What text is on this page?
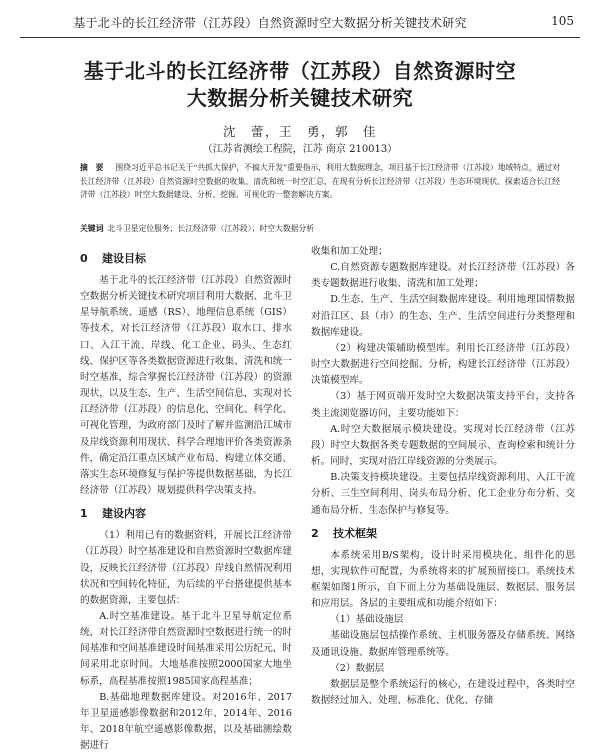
基于北斗的长江经济带（江苏段）自然资源时空大数据分析关键技术研究	105
基于北斗的长江经济带（江苏段）自然资源时空
大数据分析关键技术研究
沈　蕾，王　勇，郭　佳
（江苏省测绘工程院，江苏 南京 210013）
摘　要 围绕习近平总书记关于“共抓大保护，不搞大开发”重要指示，利用大数据理念，项目基于长江经济带（江苏段）地域特点，通过对长江经济带（江苏段）自然资源时空数据的收集、清洗和统一时空汇总，在现有分析长江经济带（江苏段）生态环境现状、探索适合长江经济带（江苏段）时空大数据建设、分析、挖掘、可视化的一整套解决方案。
关键词 北斗卫星定位服务；长江经济带（江苏段）；时空大数据分析
0 建设目标

基于北斗的长江经济带（江苏段）自然资源时空数据分析关键技术研究项目利用大数据、北斗卫星导航系统、遥感（RS）、地理信息系统（GIS）等技术，对长江经济带（江苏段）取水口、排水口、入江干流、岸线、化工企业、码头、生态红线、保护区等各类数据资源进行收集、清洗和统一时空基准，综合掌握长江经济带（江苏段）的资源现状，以及生态、生产、生活空间信息，实现对长江经济带（江苏段）的信息化、空间化、科学化、可视化管理，为政府部门及时了解并监测沿江城市及岸线资源利用现状、科学合理地评价各类资源条件，确定沿江重点区域产业布局、构建立体交通、落实生态环境修复与保护等提供数据基础，为长江经济带（江苏段）规划提供科学决策支持。

1 建设内容

（1）利用已有的数据资料，开展长江经济带（江苏段）时空基准建设和自然资源时空数据库建设，反映长江经济带（江苏段）岸线自然情况利用状况和空间转化特征，为后续的平台搭建提供基本的数据资源，主要包括：

A.时空基准建设。基于北斗卫星导航定位系统，对长江经济带自然资源时空数据进行统一的时间基准和空间基准建设时间基准采用公历纪元，时间采用北京时间。大地基准按照2000国家大地坐标系，高程基准按照1985国家高程基准；

B.基础地理数据库建设。对2016年、2017年卫星遥感影像数据和2012年、2014年、2016年、2018年航空遥感影像数据，以及基础测绘数据进行

收集和加工处理；

C.自然资源专题数据库建设。对长江经济带（江苏段）各类专题数据进行收集、清洗和加工处理；

D.生态、生产、生活空间数据库建设。利用地理国情数据对沿江区、县（市）的生态、生产、生活空间进行分类整理和数据库建设。

（2）构建决策辅助模型库。利用长江经济带（江苏段）时空大数据进行空间挖掘、分析，构建长江经济带（江苏段）决策模型库。

（3）基于网页端开发时空大数据决策支持平台，支持各类主流浏览器访问，主要功能如下：

A.时空大数据展示模块建设。实现对长江经济带（江苏段）时空大数据各类专题数据的空间展示、查询检索和统计分析。同时，实现对沿江岸线资源的分类展示。

B.决策支持模块建设。主要包括岸线资源利用、入江干流分析、三生空间利用、岗头布局分析、化工企业分布分析、交通布局分析、生态保护与修复等。

2 技术框架

本系统采用B/S架构，设计时采用模块化、组件化的思想，实现软件可配置，为系统将来的扩展预留接口。系统技术框架如图1所示，自下而上分为基础设施层、数据层、服务层和应用层。各层的主要组成和功能介绍如下：

（1）基础设施层

基础设施层包括操作系统、主机服务器及存储系统、网络及通讯设施、数据库管理系统等。

（2）数据层

数据层是整个系统运行的核心，在建设过程中，各类时空数据经过加入、处理、标准化、优化、存储
